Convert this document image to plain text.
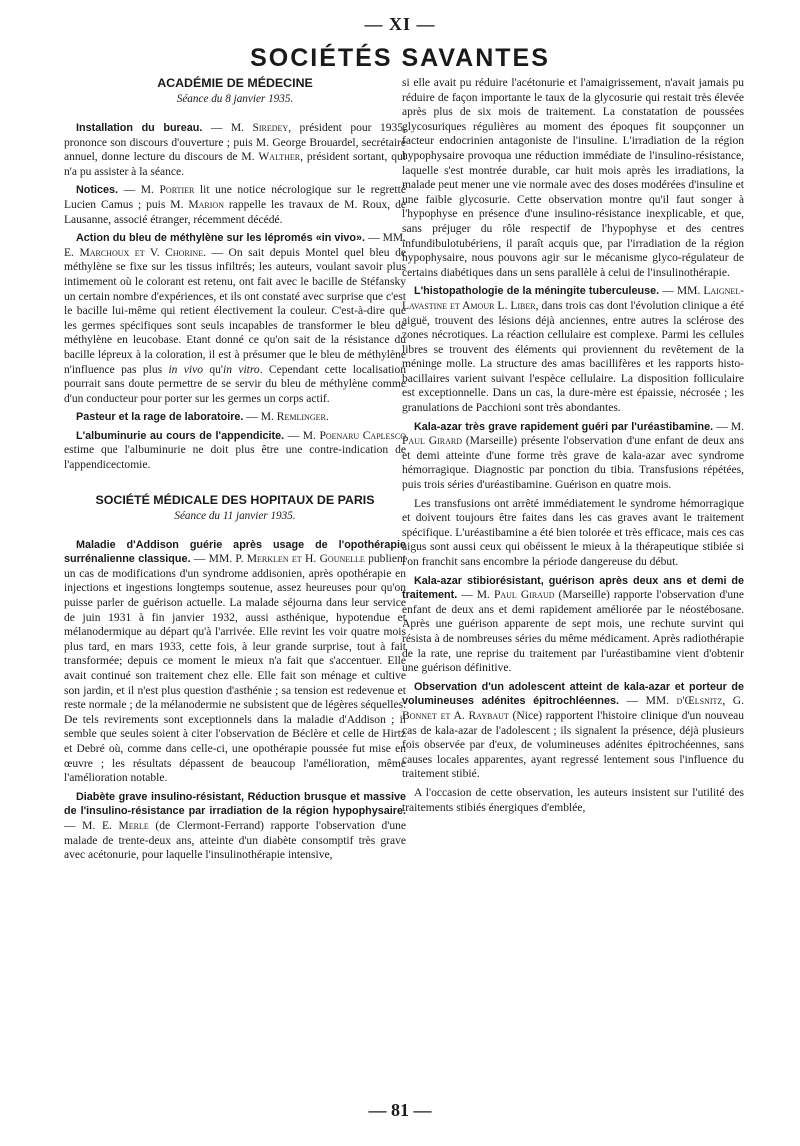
— XI —
SOCIÉTÉS SAVANTES
ACADÉMIE DE MÉDECINE
Séance du 8 janvier 1935.

Installation du bureau. — M. Siredey, président pour 1935, prononce son discours d'ouverture ; puis M. George Brouardel, secrétaire annuel, donne lecture du discours de M. Walther, président sortant, qui n'a pu assister à la séance.

Notices. — M. Portier lit une notice nécrologique sur le regretté Lucien Camus ; puis M. Marion rappelle les travaux de M. Roux, de Lausanne, associé étranger, récemment décédé.

Action du bleu de méthylène sur les lépromés «in vivo». — MM. E. Marchoux et V. Chorine. — On sait depuis Montel quel bleu de méthylène se fixe sur les tissus infiltrés; les auteurs, voulant savoir plus intimement où le colorant est retenu, ont fait avec le bacille de Stéfansky un certain nombre d'expériences, et ils ont constaté avec surprise que c'est le bacille lui-même qui retient électivement la couleur. C'est-à-dire que les germes spécifiques sont seuls incapables de transformer le bleu de méthylène en leucobase. Etant donné ce qu'on sait de la résistance du bacille lépreux à la coloration, il est à présumer que le bleu de méthylène n'influence pas plus in vivo qu'in vitro. Cependant cette localisation pourrait sans doute permettre de se servir du bleu de méthylène comme d'un conducteur pour porter sur les germes un corps actif.

Pasteur et la rage de laboratoire. — M. Remlinger.

L'albuminurie au cours de l'appendicite. — M. Poenaru Caplesco estime que l'albuminurie ne doit plus être une contre-indication de l'appendicectomie.

SOCIÉTÉ MÉDICALE DES HOPITAUX DE PARIS
Séance du 11 janvier 1935.

Maladie d'Addison guérie après usage de l'opothérapie surrénalienne classique. — MM. P. Merklen et H. Gounelle publient un cas de modifications d'un syndrome addisonien, après opothérapie en injections et ingestions longtemps soutenue, assez heureuses pour qu'on puisse parler de guérison actuelle. La malade séjourna dans leur service de juin 1931 à fin janvier 1932, aussi asthénique, hypotendue et mélanodermique au départ qu'à l'arrivée. Elle revint les voir quatre mois plus tard, en mars 1933, cette fois, à leur grande surprise, tout à fait transformée; depuis ce moment le mieux n'a fait que s'accentuer. Elle avait continué son traitement chez elle. Elle fait son ménage et cultive son jardin, et il n'est plus question d'asthénie ; sa tension est redevenue et reste normale ; de la mélanodermie ne subsistent que de légères séquelles. De tels revirements sont exceptionnels dans la maladie d'Addison ; il semble que seules soient à citer l'observation de Béclère et celle de Hirtz et Debré où, comme dans celle-ci, une opothérapie poussée fut mise en œuvre ; les résultats dépassent de beaucoup l'amélioration, même l'amélioration notable.

Diabète grave insulino-résistant, Réduction brusque et massive de l'insulino-résistance par irradiation de la région hypophysaire. — M. E. Merle (de Clermont-Ferrand) rapporte l'observation d'une malade de trente-deux ans, atteinte d'un diabète consomptif très grave avec acétonurie, pour laquelle l'insulinothérapie intensive,

si elle avait pu réduire l'acétonurie et l'amaigrissement, n'avait jamais pu réduire de façon importante le taux de la glycosurie qui restait très élevée après plus de six mois de traitement. La constatation de poussées glycosuriques régulières au moment des époques fit soupçonner un facteur endocrinien antagoniste de l'insuline. L'irradiation de la région hypophysaire provoqua une réduction immédiate de l'insulino-résistance, laquelle s'est montrée durable, car huit mois après les irradiations, la malade peut mener une vie normale avec des doses modérées d'insuline et une faible glycosurie. Cette observation montre qu'il faut songer à l'hypophyse en présence d'une insulino-résistance inexplicable, et que, sans préjuger du rôle respectif de l'hypophyse et des centres infundibulotubériens, il paraît acquis que, par l'irradiation de la région hypophysaire, nous pouvons agir sur le mécanisme glyco-régulateur de certains diabétiques dans un sens parallèle à celui de l'insulinothérapie.

L'histopathologie de la méningite tuberculeuse. — MM. Laignel-Lavastine et Amour L. Liber, dans trois cas dont l'évolution clinique a été aiguë, trouvent des lésions déjà anciennes, entre autres la sclérose des zones nécrotiques. La réaction cellulaire est complexe. Parmi les cellules libres se trouvent des éléments qui proviennent du revêtement de la méninge molle. La structure des amas bacillifères et les rapports histo-bacillaires varient suivant l'espèce cellulaire. La disposition folliculaire est exceptionnelle. Dans un cas, la dure-mère est épaissie, nécrosée ; les granulations de Pacchioni sont très abondantes.

Kala-azar très grave rapidement guéri par l'uréastibamine. — M. Paul Girard (Marseille) présente l'observation d'une enfant de deux ans et demi atteinte d'une forme très grave de kala-azar avec syndrome hémorragique. Diagnostic par ponction du tibia. Transfusions répétées, puis trois séries d'uréastibamine. Guérison en quatre mois.

Les transfusions ont arrêté immédiatement le syndrome hémorragique et doivent toujours être faites dans les cas graves avant le traitement spécifique. L'uréastibamine a été bien tolorée et très efficace, mais ces cas aigus sont aussi ceux qui obéissent le mieux à la thérapeutique stibiée si l'on franchit sans encombre la période dangereuse du début.

Kala-azar stibiorésistant, guérison après deux ans et demi de traitement. — M. Paul Giraud (Marseille) rapporte l'observation d'une enfant de deux ans et demi rapidement améliorée par le néostébosane. Après une guérison apparente de sept mois, une rechute survint qui résista à de nombreuses séries du même médicament. Après radiothérapie de la rate, une reprise du traitement par l'uréastibamine vient d'obtenir une guérison définitive.

Observation d'un adolescent atteint de kala-azar et porteur de volumineuses adénites épitrochléennes. — MM. d'Œlsnitz, G. Bonnet et A. Raybaut (Nice) rapportent l'histoire clinique d'un nouveau cas de kala-azar de l'adolescent ; ils signalent la présence, déjà plusieurs fois observée par d'eux, de volumineuses adénites épitrochéennes, sans causes locales apparentes, ayant regressé lentement sous l'influence du traitement stibié.

A l'occasion de cette observation, les auteurs insistent sur l'utilité des traitements stibiés énergiques d'emblée,

— 81 —
